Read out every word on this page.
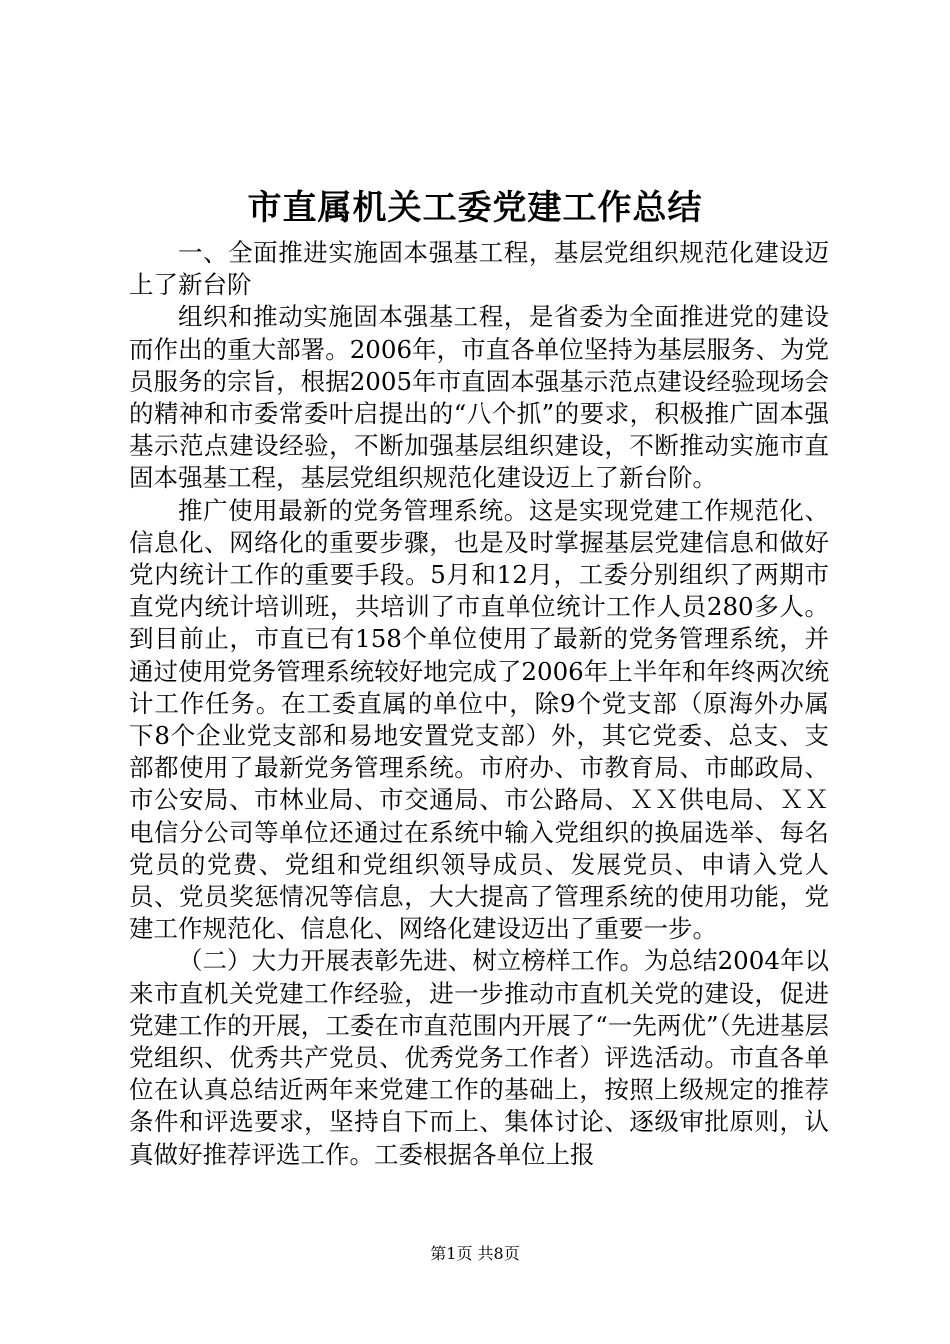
市直属机关工委党建工作总结

一、全面推进实施固本强基工程，基层党组织规范化建设迈上了新台阶

组织和推动实施固本强基工程，是省委为全面推进党的建设而作出的重大部署。2006年，市直各单位坚持为基层服务、为党员服务的宗旨，根据2005年市直固本强基示范点建设经验现场会的精神和市委常委叶启提出的“八个抓”的要求，积极推广固本强基示范点建设经验，不断加强基层组织建设，不断推动实施市直固本强基工程，基层党组织规范化建设迈上了新台阶。

推广使用最新的党务管理系统。这是实现党建工作规范化、信息化、网络化的重要步骤，也是及时掌握基层党建信息和做好党内统计工作的重要手段。5月和12月，工委分别组织了两期市直党内统计培训班，共培训了市直单位统计工作人员280多人。到目前止，市直已有158个单位使用了最新的党务管理系统，并通过使用党务管理系统较好地完成了2006年上半年和年终两次统计工作任务。在工委直属的单位中，除9个党支部（原海外办属下8个企业党支部和易地安置党支部）外，其它党委、总支、支部都使用了最新党务管理系统。市府办、市教育局、市邮政局、市公安局、市林业局、市交通局、市公路局、ＸＸ供电局、ＸＸ电信分公司等单位还通过在系统中输入党组织的换届选举、每名党员的党费、党组和党组织领导成员、发展党员、申请入党人员、党员奖惩情况等信息，大大提高了管理系统的使用功能，党建工作规范化、信息化、网络化建设迈出了重要一步。

（二）大力开展表彰先进、树立榜样工作。为总结2004年以来市直机关党建工作经验，进一步推动市直机关党的建设，促进党建工作的开展，工委在市直范围内开展了“一先两优”（先进基层党组织、优秀共产党员、优秀党务工作者）评选活动。市直各单位在认真总结近两年来党建工作的基础上，按照上级规定的推荐条件和评选要求，坚持自下而上、集体讨论、逐级审批原则，认真做好推荐评选工作。工委根据各单位上报

第1页 共8页
